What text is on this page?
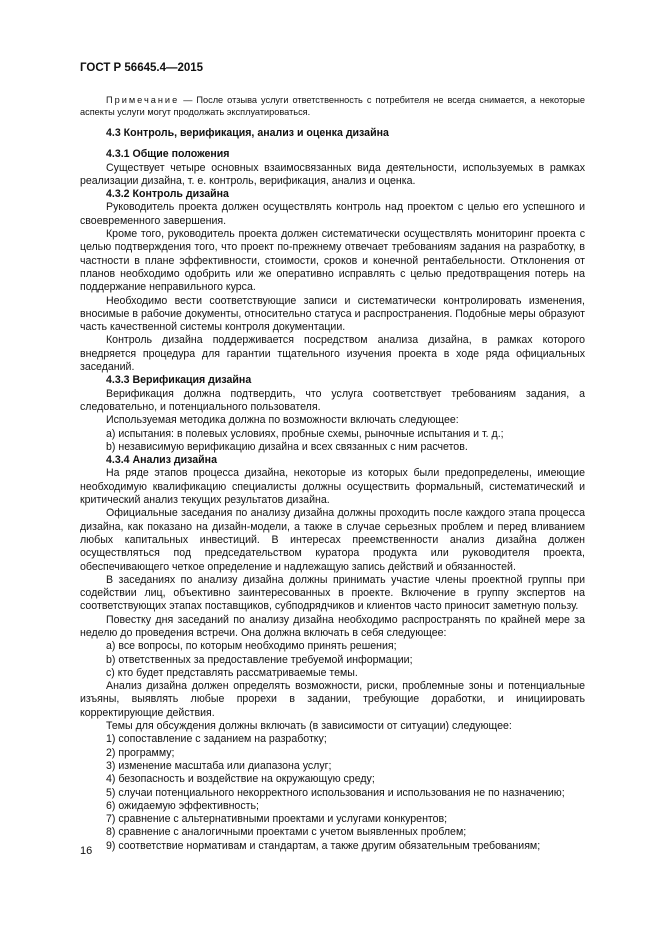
ГОСТ Р 56645.4—2015

Примечание — После отзыва услуги ответственность с потребителя не всегда снимается, а некоторые аспекты услуги могут продолжать эксплуатироваться.

4.3 Контроль, верификация, анализ и оценка дизайна

4.3.1 Общие положения

Существует четыре основных взаимосвязанных вида деятельности, используемых в рамках реализации дизайна, т. е. контроль, верификация, анализ и оценка.

4.3.2 Контроль дизайна

Руководитель проекта должен осуществлять контроль над проектом с целью его успешного и своевременного завершения.

Кроме того, руководитель проекта должен систематически осуществлять мониторинг проекта с целью подтверждения того, что проект по-прежнему отвечает требованиям задания на разработку, в частности в плане эффективности, стоимости, сроков и конечной рентабельности. Отклонения от планов необходимо одобрить или же оперативно исправлять с целью предотвращения потерь на поддержание неправильного курса.

Необходимо вести соответствующие записи и систематически контролировать изменения, вносимые в рабочие документы, относительно статуса и распространения. Подобные меры образуют часть качественной системы контроля документации.

Контроль дизайна поддерживается посредством анализа дизайна, в рамках которого внедряется процедура для гарантии тщательного изучения проекта в ходе ряда официальных заседаний.

4.3.3 Верификация дизайна

Верификация должна подтвердить, что услуга соответствует требованиям задания, а следовательно, и потенциального пользователя.

Используемая методика должна по возможности включать следующее:

а) испытания: в полевых условиях, пробные схемы, рыночные испытания и т. д.;

b) независимую верификацию дизайна и всех связанных с ним расчетов.

4.3.4 Анализ дизайна

На ряде этапов процесса дизайна, некоторые из которых были предопределены, имеющие необходимую квалификацию специалисты должны осуществить формальный, систематический и критический анализ текущих результатов дизайна.

Официальные заседания по анализу дизайна должны проходить после каждого этапа процесса дизайна, как показано на дизайн-модели, а также в случае серьезных проблем и перед вливанием любых капитальных инвестиций. В интересах преемственности анализ дизайна должен осуществляться под председательством куратора продукта или руководителя проекта, обеспечивающего четкое определение и надлежащую запись действий и обязанностей.

В заседаниях по анализу дизайна должны принимать участие члены проектной группы при содействии лиц, объективно заинтересованных в проекте. Включение в группу экспертов на соответствующих этапах поставщиков, субподрядчиков и клиентов часто приносит заметную пользу.

Повестку дня заседаний по анализу дизайна необходимо распространять по крайней мере за неделю до проведения встречи. Она должна включать в себя следующее:

а) все вопросы, по которым необходимо принять решения;

b) ответственных за предоставление требуемой информации;

с) кто будет представлять рассматриваемые темы.

Анализ дизайна должен определять возможности, риски, проблемные зоны и потенциальные изъяны, выявлять любые прорехи в задании, требующие доработки, и инициировать корректирующие действия.

Темы для обсуждения должны включать (в зависимости от ситуации) следующее:

1) сопоставление с заданием на разработку;

2) программу;

3) изменение масштаба или диапазона услуг;

4) безопасность и воздействие на окружающую среду;

5) случаи потенциального некорректного использования и использования не по назначению;

6) ожидаемую эффективность;

7) сравнение с альтернативными проектами и услугами конкурентов;

8) сравнение с аналогичными проектами с учетом выявленных проблем;

9) соответствие нормативам и стандартам, а также другим обязательным требованиям;

16
